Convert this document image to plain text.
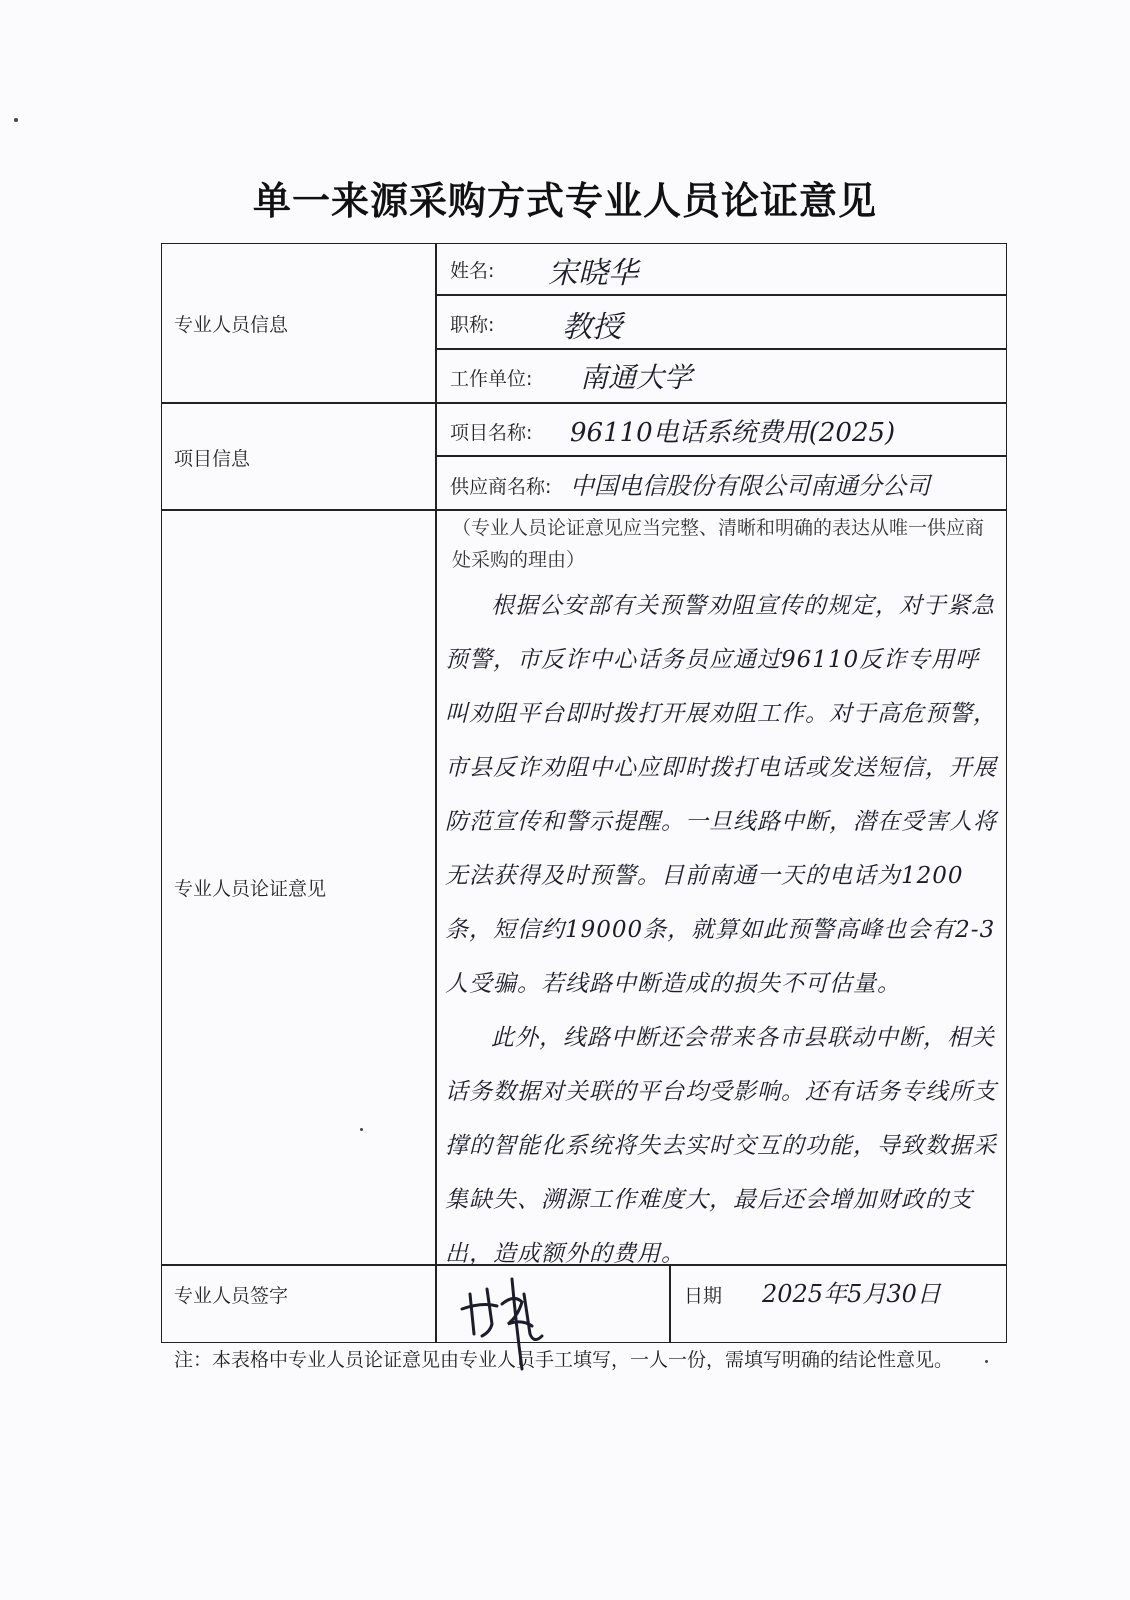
单一来源采购方式专业人员论证意见
专业人员信息
项目信息
专业人员论证意见
专业人员签字
姓名: 宋晓华
职称: 教授
工作单位: 南通大学
项目名称: 96110电话系统费用(2025)
供应商名称: 中国电信股份有限公司南通分公司
（专业人员论证意见应当完整、清晰和明确的表达从唯一供应商处采购的理由）

根据公安部有关预警劝阻宣传的规定，对于紧急预警，市反诈中心话务员应通过96110反诈专用呼叫劝阻平台即时拨打开展劝阻工作。对于高危预警，市县反诈劝阻中心应即时拨打电话或发送短信，开展防范宣传和警示提醒。一旦线路中断，潜在受害人将无法获得及时预警。目前南通一天的电话为1200条，短信约19000条，就算如此预警高峰也会有2-3人受骗。若线路中断造成的损失不可估量。

此外，线路中断还会带来各市县联动中断，相关话务数据对关联的平台均受影响。还有话务专线所支撑的智能化系统将失去实时交互的功能，导致数据采集缺失、溯源工作难度大，最后还会增加财政的支出，造成额外的费用。

日期 2025年5月30日
注：本表格中专业人员论证意见由专业人员手工填写，一人一份，需填写明确的结论性意见。
